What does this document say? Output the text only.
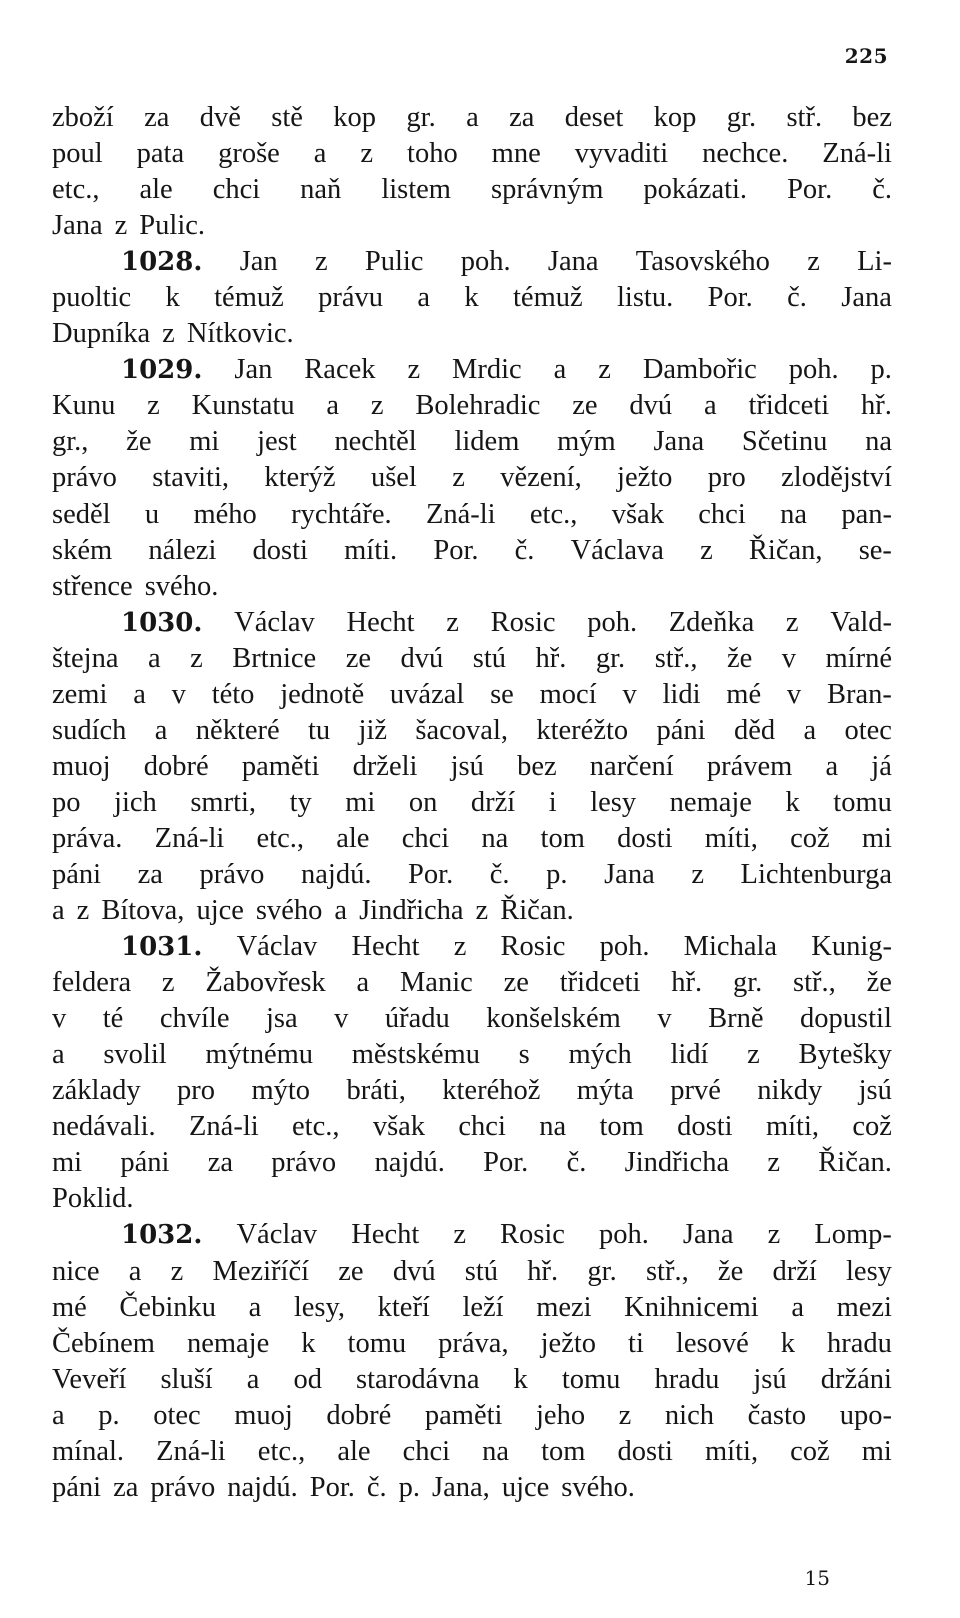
225
zboží za dvě stě kop gr. a za deset kop gr. stř. bez
poul pata groše a z toho mne vyvaditi nechce. Zná-li
etc., ale chci naň listem správným pokázati. Por. č.
Jana z Pulic.
1028. Jan z Pulic poh. Jana Tasovského z Li-
puoltic k témuž právu a k témuž listu. Por. č. Jana
Dupníka z Nítkovic.
1029. Jan Racek z Mrdic a z Dambořic poh. p.
Kunu z Kunstatu a z Bolehradic ze dvú a třidceti hř.
gr., že mi jest nechtěl lidem mým Jana Sčetinu na
právo staviti, kterýž ušel z vězení, ježto pro zlodějství
seděl u mého rychtáře. Zná-li etc., však chci na pan-
ském nálezi dosti míti. Por. č. Václava z Řičan, se-
střence svého.
1030. Václav Hecht z Rosic poh. Zdeňka z Vald-
štejna a z Brtnice ze dvú stú hř. gr. stř., že v mírné
zemi a v této jednotě uvázal se mocí v lidi mé v Bran-
sudích a některé tu již šacoval, kteréžto páni děd a otec
muoj dobré paměti drželi jsú bez narčení právem a já
po jich smrti, ty mi on drží i lesy nemaje k tomu
práva. Zná-li etc., ale chci na tom dosti míti, což mi
páni za právo najdú. Por. č. p. Jana z Lichtenburga
a z Bítova, ujce svého a Jindřicha z Řičan.
1031. Václav Hecht z Rosic poh. Michala Kunig-
feldera z Žabovřesk a Manic ze třidceti hř. gr. stř., že
v té chvíle jsa v úřadu konšelském v Brně dopustil
a svolil mýtnému městskému s mých lidí z Bytešky
základy pro mýto bráti, kteréhož mýta prvé nikdy jsú
nedávali. Zná-li etc., však chci na tom dosti míti, což
mi páni za právo najdú. Por. č. Jindřicha z Řičan.
Poklid.
1032. Václav Hecht z Rosic poh. Jana z Lomp-
nice a z Meziříčí ze dvú stú hř. gr. stř., že drží lesy
mé Čebinku a lesy, kteří leží mezi Knihnicemi a mezi
Čebínem nemaje k tomu práva, ježto ti lesové k hradu
Veveří sluší a od starodávna k tomu hradu jsú držáni
a p. otec muoj dobré paměti jeho z nich často upo-
mínal. Zná-li etc., ale chci na tom dosti míti, což mi
páni za právo najdú. Por. č. p. Jana, ujce svého.
15
